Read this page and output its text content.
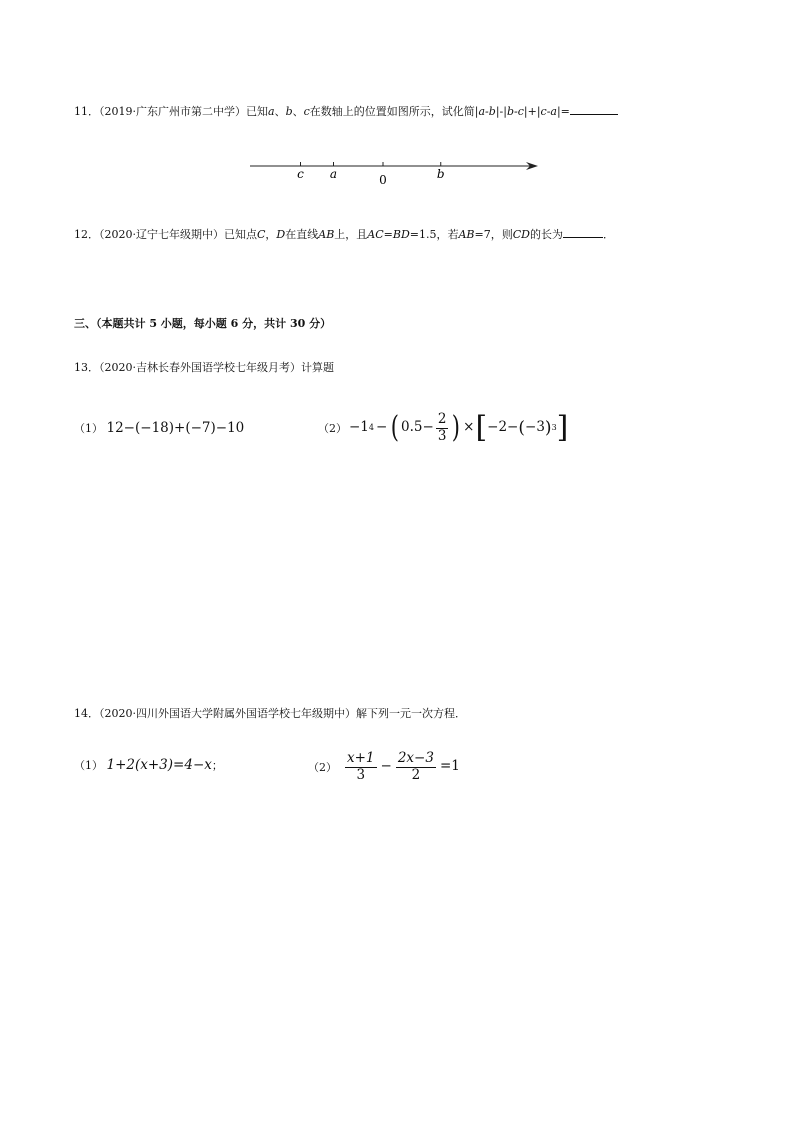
11．（2019·广东广州市第二中学）已知a、b、c在数轴上的位置如图所示，试化简|a-b|-|b-c|+|c-a|=
c a	0	b
12．（2020·辽宁七年级期中）已知点C，D在直线AB上，且AC=BD=1.5，若AB=7，则CD的长为	．
三、（本题共计 5 小题，每小题 6 分，共计 30 分）
13．（2020·吉林长春外国语学校七年级月考）计算题
（1） 12−(−18)+(−7)−10	（2） −1 4 − ( $0.5- \frac{2}{3}$ ) × [ −2− ( −3 ) 3 ]
14．（2020·四川外国语大学附属外国语学校七年级期中）解下列一元一次方程．
（1） 1+2(x+3)=4−x；	$(2) \frac{x+1}{3} - \frac{2x-3}{2} =1$
